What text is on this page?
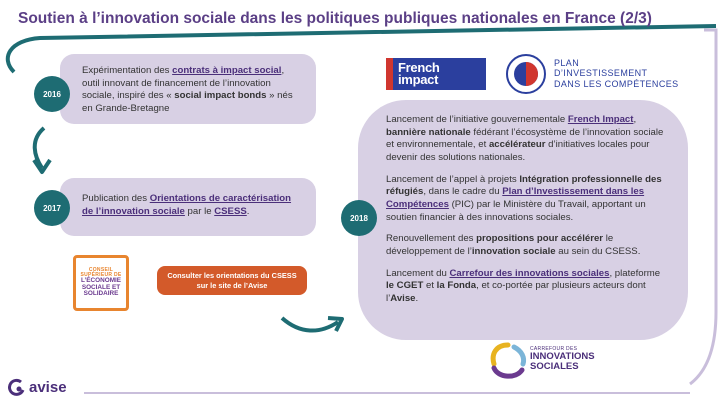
Soutien à l’innovation sociale dans les politiques publiques nationales en France (2/3)
Expérimentation des contrats à impact social, outil innovant de financement de l’innovation sociale, inspiré des « social impact bonds » nés en Grande-Bretagne
2016
Publication des Orientations de caractérisation de l’innovation sociale par le CSESS.
2017
CONSEIL
SUPÉRIEUR DE
L’ÉCONOMIE
SOCIALE ET
SOLIDAIRE
Consulter les orientations du CSESS sur le site de l’Avise
French
impact
PLAN
D’INVESTISSEMENT
DANS LES COMPÉTENCES

Lancement de l’initiative gouvernementale French Impact, bannière nationale fédérant l’écosystème de l’innovation sociale et environnementale, et accélérateur d’initiatives locales pour devenir des solutions nationales.

Lancement de l’appel à projets Intégration professionnelle des réfugiés, dans le cadre du Plan d’Investissement dans les Compétences (PIC) par le Ministère du Travail, apportant un soutien financier à des innovations sociales.

Renouvellement des propositions pour accélérer le développement de l’innovation sociale au sein du CSESS.

Lancement du Carrefour des innovations sociales, plateforme le CGET et la Fonda, et co-portée par plusieurs acteurs dont l’Avise.

2018
CARREFOUR DES
INNOVATIONS
SOCIALES
avise
